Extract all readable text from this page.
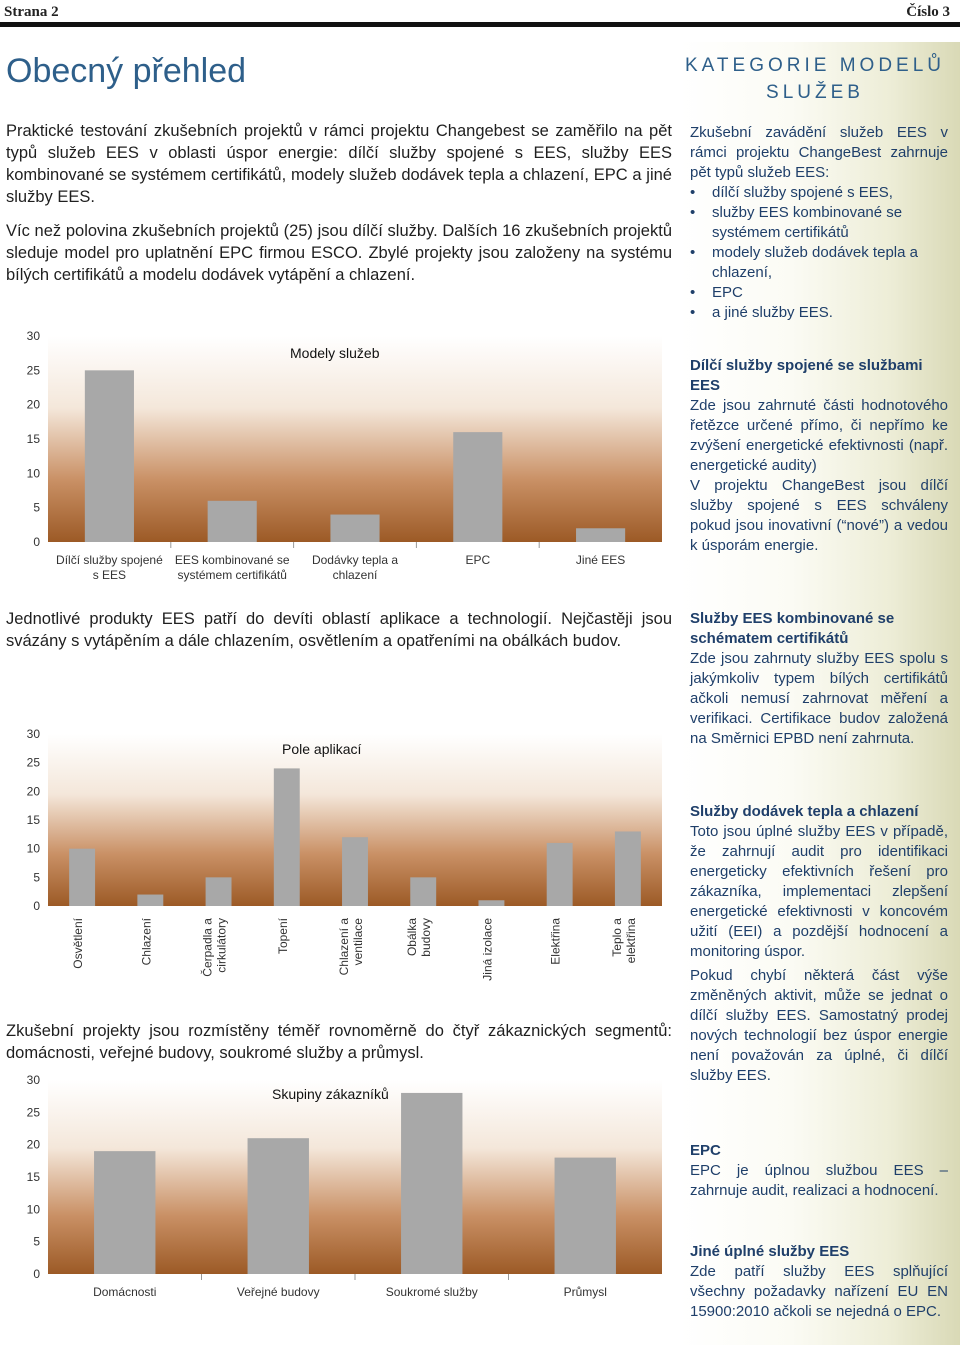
Strana 2	Číslo 3
KATEGORIE MODELŮ
SLUŽEB
Obecný přehled

Praktické testování zkušebních projektů v rámci projektu Changebest se zaměřilo na pět typů služeb EES v oblasti úspor energie: dílčí služby spojené s EES, služby EES kombinované se systémem certifikátů, modely služeb dodávek tepla a chlazení, EPC a jiné služby EES.

Víc než polovina zkušebních projektů (25) jsou dílčí služby. Dalších 16 zkušebních projektů sleduje model pro uplatnění EPC firmou ESCO. Zbylé projekty jsou založeny na systému bílých certifikátů a modelu dodávek vytápění a chlazení.

0
5
10
15
20
25
30
Modely služeb
Dílčí služby spojené s EES
EES kombinované se systémem certifikátů
Dodávky tepla a chlazení
EPC	Jiné EES

Jednotlivé produkty EES patří do devíti oblastí aplikace a technologií. Nejčastěji jsou svázány s vytápěním a dále chlazením, osvětlením a opatřeními na obálkách budov.

0
5
10
15
20
25
30
Pole aplikací
Osvětlení	Chlazení	Čerpadla acirkulátory	Topení	Chlazení aventilace	Obálkabudovy	Jiná izolace	Elektřina	Teplo aelektřina

Zkušební projekty jsou rozmístěny téměř rovnoměrně do čtyř zákaznických segmentů: domácnosti, veřejné budovy, soukromé služby a průmysl.

0
5
10
15
20
25
30
Skupiny zákazníků
Domácnosti	Veřejné budovy	Soukromé služby	Průmysl

Zkušební zavádění služeb EES v rámci projektu ChangeBest zahrnuje pět typů služeb EES:

• dílčí služby spojené s EES,
• služby EES kombinované se systémem certifikátů
• modely služeb dodávek tepla a chlazení,
• EPC
• a jiné služby EES.

Dílčí služby spojené se službami EES

Zde jsou zahrnuté části hodnotového řetězce určené přímo, či nepřímo ke zvýšení energetické efektivnosti (např. energetické audity)

V projektu ChangeBest jsou dílčí služby spojené s EES schváleny pokud jsou inovativní (“nové”) a vedou k úsporám energie.

Služby EES kombinované se schématem certifikátů

Zde jsou zahrnuty služby EES spolu s jakýmkoliv typem bílých certifikátů ačkoli nemusí zahrnovat měření a verifikaci. Certifikace budov založená na Směrnici EPBD není zahrnuta.

Služby dodávek tepla a chlazení

Toto jsou úplné služby EES v případě, že zahrnují audit pro identifikaci energeticky efektivních řešení pro zákazníka, implementaci zlepšení energetické efektivnosti v koncovém užití (EEI) a pozdější hodnocení a monitoring úspor.

Pokud chybí některá část výše změněných aktivit, může se jednat o dílčí služby EES. Samostatný prodej nových technologií bez úspor energie není považován za úplné, či dílčí služby EES.

EPC

EPC je úplnou službou EES – zahrnuje audit, realizaci a hodnocení.

Jiné úplné služby EES

Zde patří služby EES splňující všechny požadavky nařízení EU EN 15900:2010 ačkoli se nejedná o EPC.
